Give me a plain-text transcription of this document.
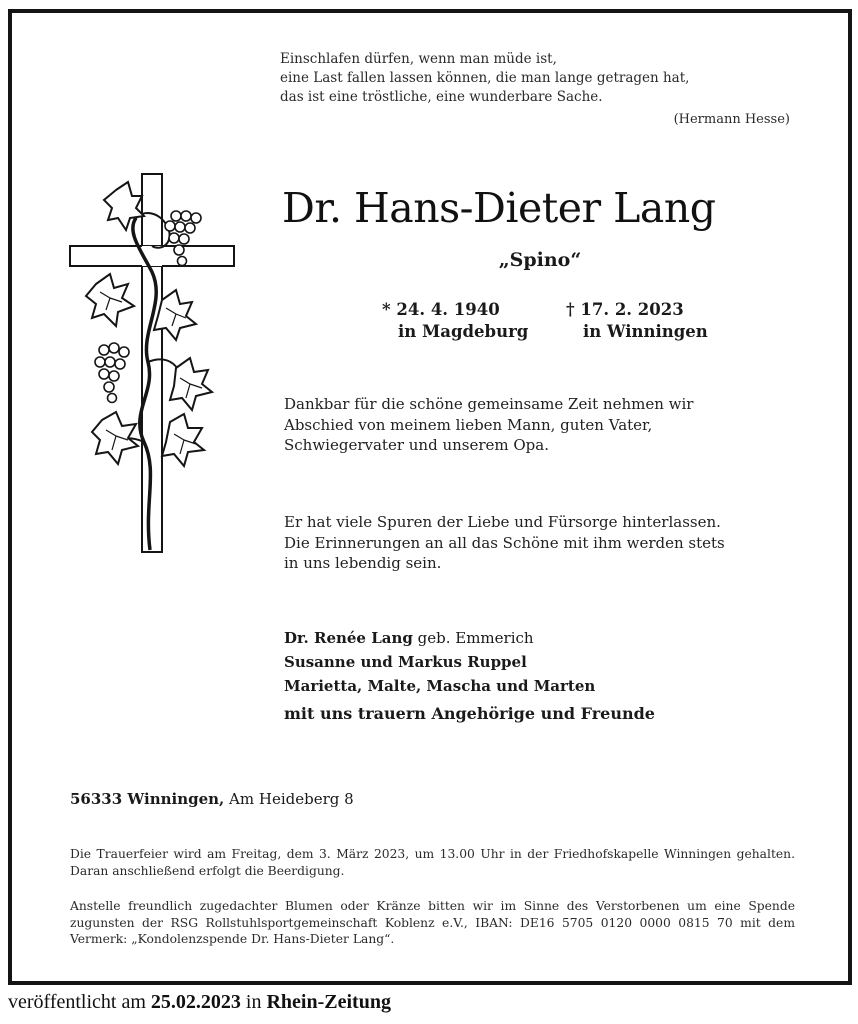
Einschlafen dürfen, wenn man müde ist,
eine Last fallen lassen können, die man lange getragen hat,
das ist eine tröstliche, eine wunderbare Sache.
(Hermann Hesse)
Dr. Hans-Dieter Lang
„Spino“
* 24. 4. 1940
in Magdeburg
† 17. 2. 2023
in Winningen
Dankbar für die schöne gemeinsame Zeit nehmen wir
Abschied von meinem lieben Mann, guten Vater,
Schwiegervater und unserem Opa.
Er hat viele Spuren der Liebe und Fürsorge hinterlassen.
Die Erinnerungen an all das Schöne mit ihm werden stets
in uns lebendig sein.
Dr. Renée Lang geb. Emmerich
Susanne und Markus Ruppel
Marietta, Malte, Mascha und Marten
mit uns trauern Angehörige und Freunde
56333 Winningen, Am Heideberg 8
Die Trauerfeier wird am Freitag, dem 3. März 2023, um 13.00 Uhr in der Friedhofskapelle Winningen gehalten. Daran anschließend erfolgt die Beerdigung.
Anstelle freundlich zugedachter Blumen oder Kränze bitten wir im Sinne des Verstorbenen um eine Spende zugunsten der RSG Rollstuhlsportgemeinschaft Koblenz e.V., IBAN: DE16 5705 0120 0000 0815 70 mit dem Vermerk: „Kondolenzspende Dr. Hans-Dieter Lang“.
veröffentlicht am 25.02.2023 in Rhein-Zeitung
